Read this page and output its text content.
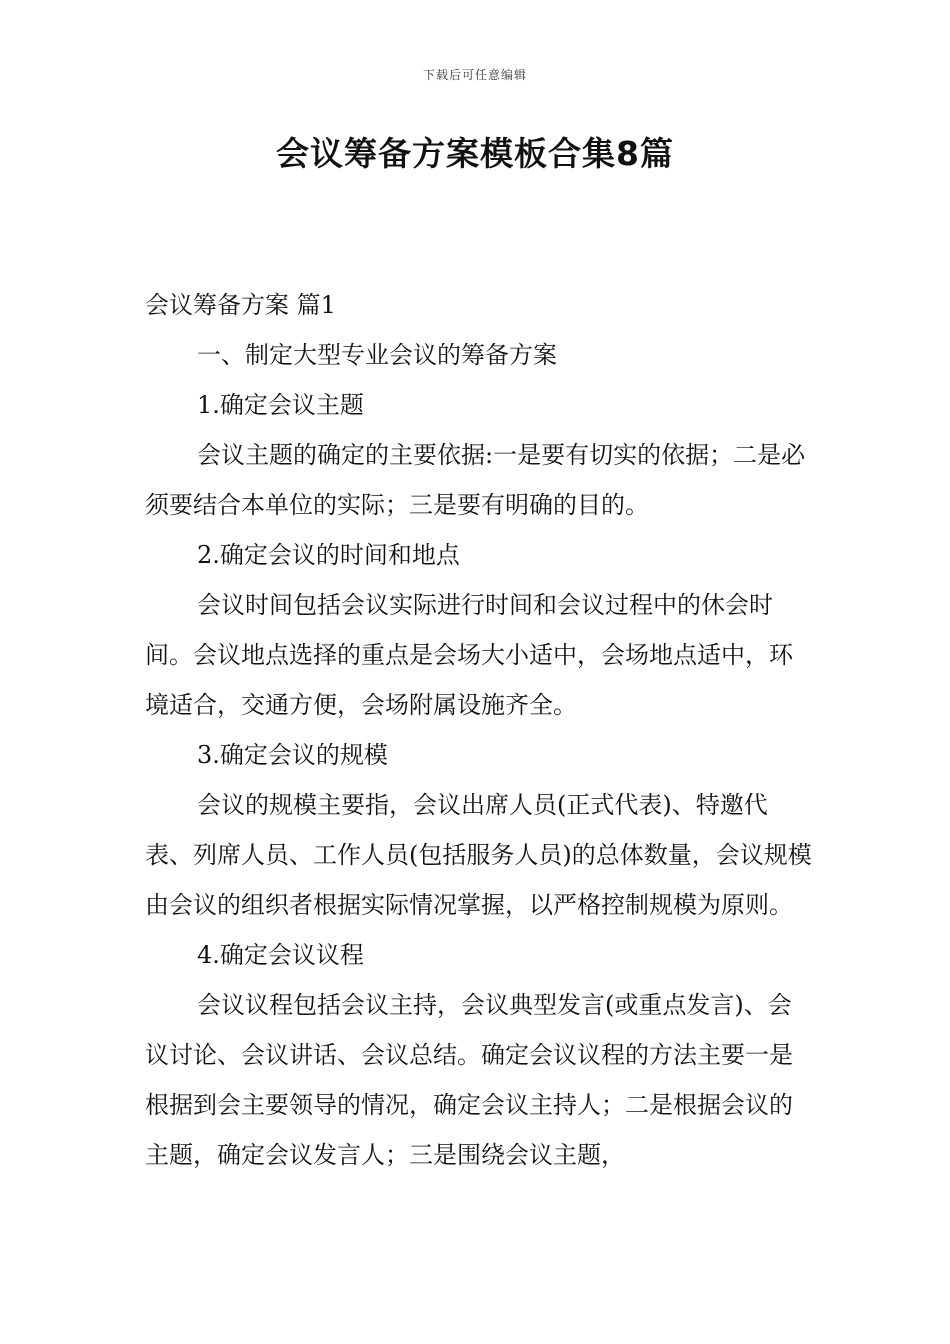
下载后可任意编辑
会议筹备方案模板合集8篇

会议筹备方案 篇1

一、制定大型专业会议的筹备方案

1.确定会议主题

会议主题的确定的主要依据:一是要有切实的依据；二是必须要结合本单位的实际；三是要有明确的目的。

2.确定会议的时间和地点

会议时间包括会议实际进行时间和会议过程中的休会时间。会议地点选择的重点是会场大小适中，会场地点适中，环境适合，交通方便，会场附属设施齐全。

3.确定会议的规模

会议的规模主要指，会议出席人员(正式代表)、特邀代表、列席人员、工作人员(包括服务人员)的总体数量，会议规模由会议的组织者根据实际情况掌握，以严格控制规模为原则。

4.确定会议议程

会议议程包括会议主持，会议典型发言(或重点发言)、会议讨论、会议讲话、会议总结。确定会议议程的方法主要一是根据到会主要领导的情况，确定会议主持人；二是根据会议的主题，确定会议发言人；三是围绕会议主题，
